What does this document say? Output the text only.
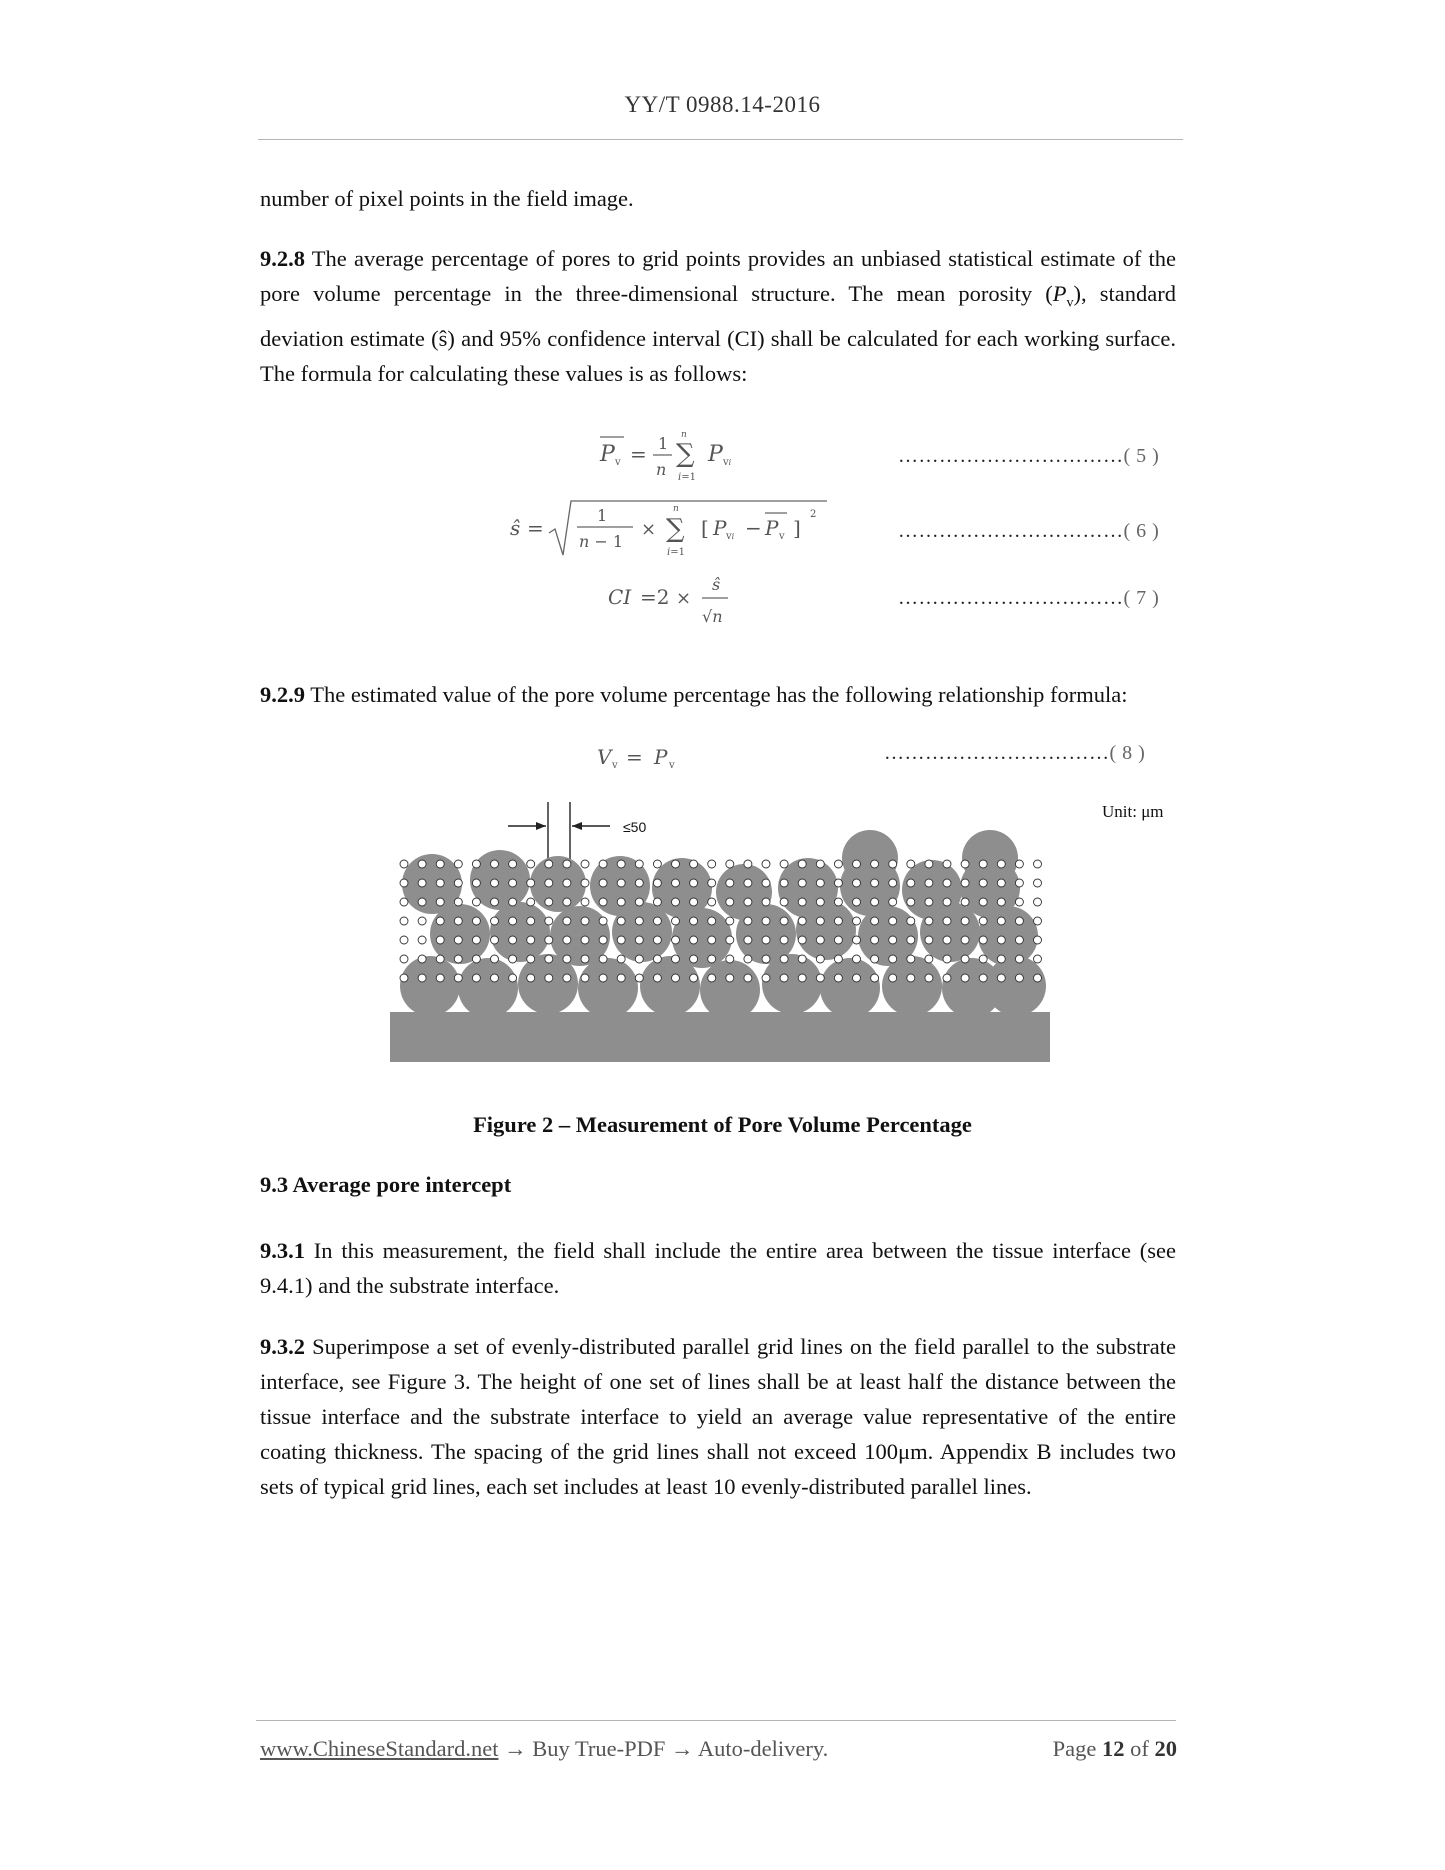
YY/T 0988.14-2016
number of pixel points in the field image.
9.2.8 The average percentage of pores to grid points provides an unbiased statistical estimate of the pore volume percentage in the three-dimensional structure. The mean porosity $(P_v)$, standard deviation estimate (ŝ) and 95% confidence interval (CI) shall be calculated for each working surface. The formula for calculating these values is as follows:
P v = 1
n
n
∑
i=1
P vi	……………………………( 5 )
ŝ =
1
n − 1
×
n
∑
i=1
[ P vi − P v ]
2
……………………………( 6 )
CI =2 ×
ŝ
√n
……………………………( 7 )
9.2.9 The estimated value of the pore volume percentage has the following relationship formula:
V v = P v
……………………………( 8 )
Unit: μm
≤50
Figure 2 – Measurement of Pore Volume Percentage
9.3 Average pore intercept
9.3.1 In this measurement, the field shall include the entire area between the tissue interface (see 9.4.1) and the substrate interface.
9.3.2 Superimpose a set of evenly-distributed parallel grid lines on the field parallel to the substrate interface, see Figure 3. The height of one set of lines shall be at least half the distance between the tissue interface and the substrate interface to yield an average value representative of the entire coating thickness. The spacing of the grid lines shall not exceed 100μm. Appendix B includes two sets of typical grid lines, each set includes at least 10 evenly-distributed parallel lines.
www.ChineseStandard.net → Buy True-PDF → Auto-delivery.	Page 12 of 20
